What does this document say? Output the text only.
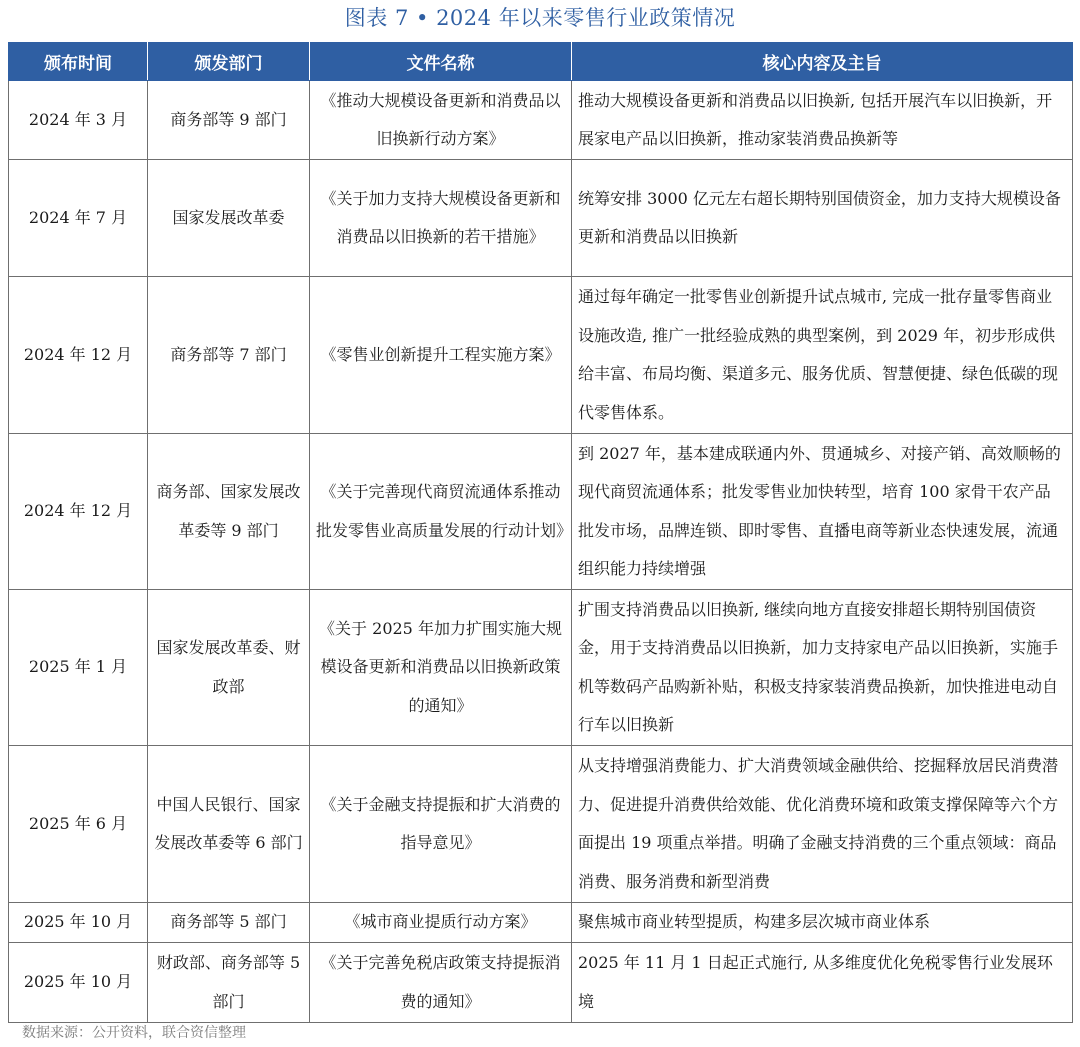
图表 7 • 2024 年以来零售行业政策情况
颁布时间	颁发部门	文件名称	核心内容及主旨
2024 年 3 月	商务部等 9 部门	《推动大规模设备更新和消费品以旧换新行动方案》	推动大规模设备更新和消费品以旧换新, 包括开展汽车以旧换新，开展家电产品以旧换新，推动家装消费品换新等
2024 年 7 月	国家发展改革委	《关于加力支持大规模设备更新和消费品以旧换新的若干措施》	统筹安排 3000 亿元左右超长期特别国债资金，加力支持大规模设备更新和消费品以旧换新
2024 年 12 月	商务部等 7 部门	《零售业创新提升工程实施方案》	通过每年确定一批零售业创新提升试点城市, 完成一批存量零售商业设施改造, 推广一批经验成熟的典型案例，到 2029 年，初步形成供给丰富、布局均衡、渠道多元、服务优质、智慧便捷、绿色低碳的现代零售体系。
2024 年 12 月	商务部、国家发展改革委等 9 部门	《关于完善现代商贸流通体系推动批发零售业高质量发展的行动计划》	到 2027 年，基本建成联通内外、贯通城乡、对接产销、高效顺畅的现代商贸流通体系；批发零售业加快转型，培育 100 家骨干农产品批发市场，品牌连锁、即时零售、直播电商等新业态快速发展，流通组织能力持续增强
2025 年 1 月	国家发展改革委、财政部	《关于 2025 年加力扩围实施大规模设备更新和消费品以旧换新政策的通知》	扩围支持消费品以旧换新, 继续向地方直接安排超长期特别国债资金，用于支持消费品以旧换新，加力支持家电产品以旧换新，实施手机等数码产品购新补贴，积极支持家装消费品换新，加快推进电动自行车以旧换新
2025 年 6 月	中国人民银行、国家发展改革委等 6 部门	《关于金融支持提振和扩大消费的指导意见》	从支持增强消费能力、扩大消费领域金融供给、挖掘释放居民消费潜力、促进提升消费供给效能、优化消费环境和政策支撑保障等六个方面提出 19 项重点举措。明确了金融支持消费的三个重点领域：商品消费、服务消费和新型消费
2025 年 10 月	商务部等 5 部门	《城市商业提质行动方案》	聚焦城市商业转型提质，构建多层次城市商业体系
2025 年 10 月	财政部、商务部等 5 部门	《关于完善免税店政策支持提振消费的通知》	2025 年 11 月 1 日起正式施行, 从多维度优化免税零售行业发展环境
数据来源：公开资料，联合资信整理
